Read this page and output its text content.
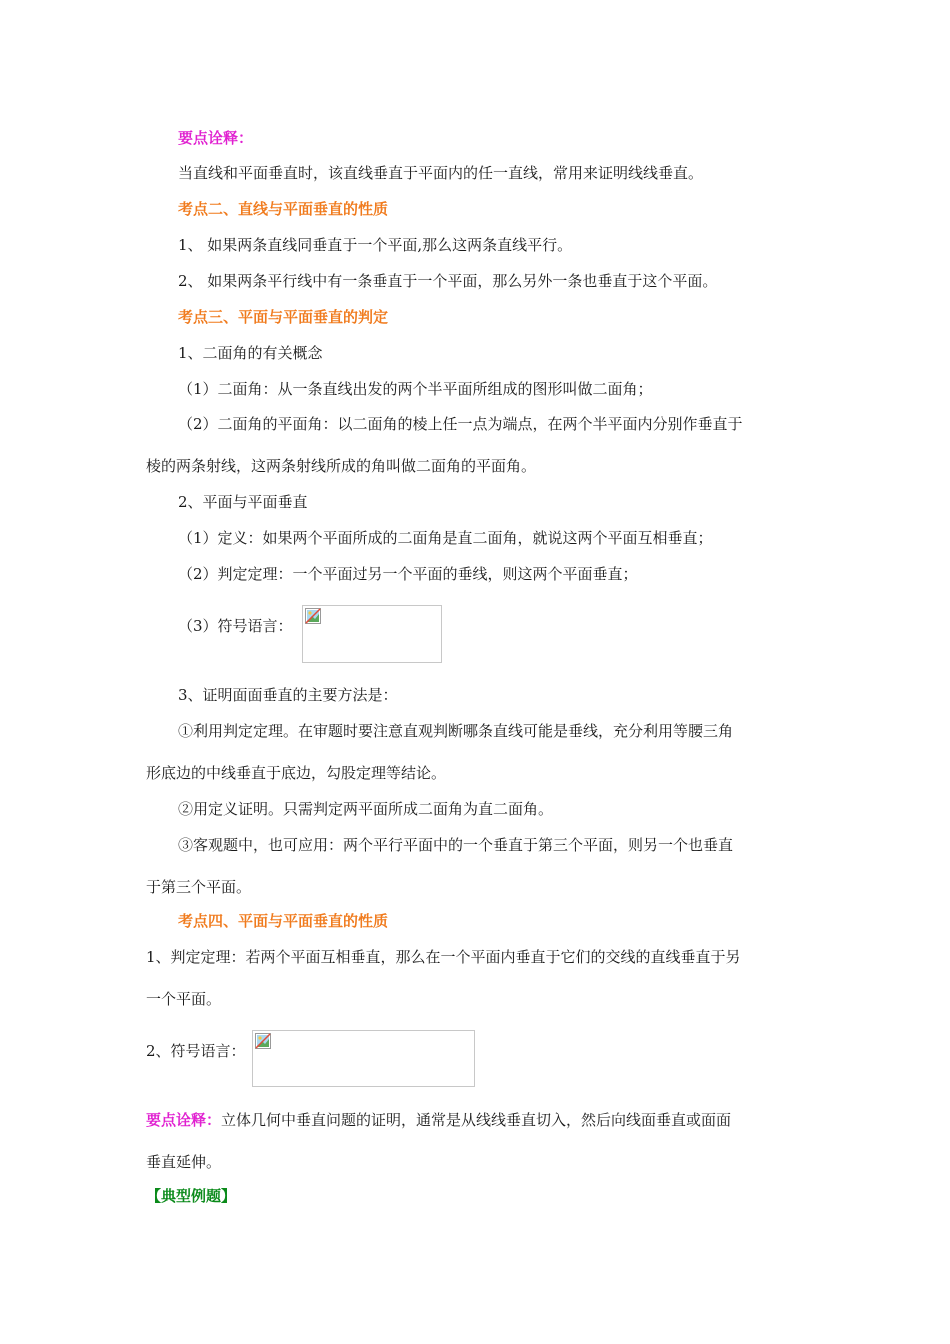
要点诠释：
当直线和平面垂直时，该直线垂直于平面内的任一直线，常用来证明线线垂直。
考点二、直线与平面垂直的性质
1、 如果两条直线同垂直于一个平面,那么这两条直线平行。
2、 如果两条平行线中有一条垂直于一个平面，那么另外一条也垂直于这个平面。
考点三、平面与平面垂直的判定
1、二面角的有关概念
（1）二面角：从一条直线出发的两个半平面所组成的图形叫做二面角；
（2）二面角的平面角：以二面角的棱上任一点为端点，在两个半平面内分别作垂直于
棱的两条射线，这两条射线所成的角叫做二面角的平面角。
2、平面与平面垂直
（1）定义：如果两个平面所成的二面角是直二面角，就说这两个平面互相垂直；
（2）判定定理：一个平面过另一个平面的垂线，则这两个平面垂直；
（3）符号语言：
3、证明面面垂直的主要方法是：
①利用判定定理。在审题时要注意直观判断哪条直线可能是垂线，充分利用等腰三角
形底边的中线垂直于底边，勾股定理等结论。
②用定义证明。只需判定两平面所成二面角为直二面角。
③客观题中，也可应用：两个平行平面中的一个垂直于第三个平面，则另一个也垂直
于第三个平面。
考点四、平面与平面垂直的性质
1、判定定理：若两个平面互相垂直，那么在一个平面内垂直于它们的交线的直线垂直于另
一个平面。
2、符号语言：
要点诠释：立体几何中垂直问题的证明，通常是从线线垂直切入，然后向线面垂直或面面
垂直延伸。
【典型例题】
